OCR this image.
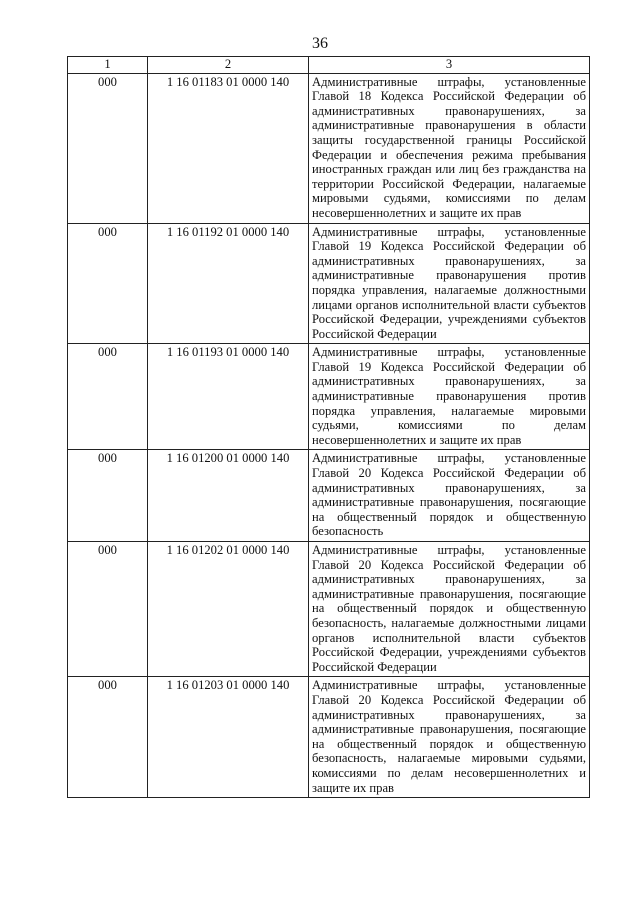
36
1	2	3
000	1 16 01183 01 0000 140	Административные штрафы, установленные Главой 18 Кодекса Российской Федерации об административных правонарушениях, за административные правонарушения в области защиты государственной границы Российской Федерации и обеспечения режима пребывания иностранных граждан или лиц без гражданства на территории Российской Федерации, налагаемые мировыми судьями, комиссиями по делам несовершеннолетних и защите их прав
000	1 16 01192 01 0000 140	Административные штрафы, установленные Главой 19 Кодекса Российской Федерации об административных правонарушениях, за административные правонарушения против порядка управления, налагаемые должностными лицами органов исполнительной власти субъектов Российской Федерации, учреждениями субъектов Российской Федерации
000	1 16 01193 01 0000 140	Административные штрафы, установленные Главой 19 Кодекса Российской Федерации об административных правонарушениях, за административные правонарушения против порядка управления, налагаемые мировыми судьями, комиссиями по делам несовершеннолетних и защите их прав
000	1 16 01200 01 0000 140	Административные штрафы, установленные Главой 20 Кодекса Российской Федерации об административных правонарушениях, за административные правонарушения, посягающие на общественный порядок и общественную безопасность
000	1 16 01202 01 0000 140	Административные штрафы, установленные Главой 20 Кодекса Российской Федерации об административных правонарушениях, за административные правонарушения, посягающие на общественный порядок и общественную безопасность, налагаемые должностными лицами органов исполнительной власти субъектов Российской Федерации, учреждениями субъектов Российской Федерации
000	1 16 01203 01 0000 140	Административные штрафы, установленные Главой 20 Кодекса Российской Федерации об административных правонарушениях, за административные правонарушения, посягающие на общественный порядок и общественную безопасность, налагаемые мировыми судьями, комиссиями по делам несовершеннолетних и защите их прав
